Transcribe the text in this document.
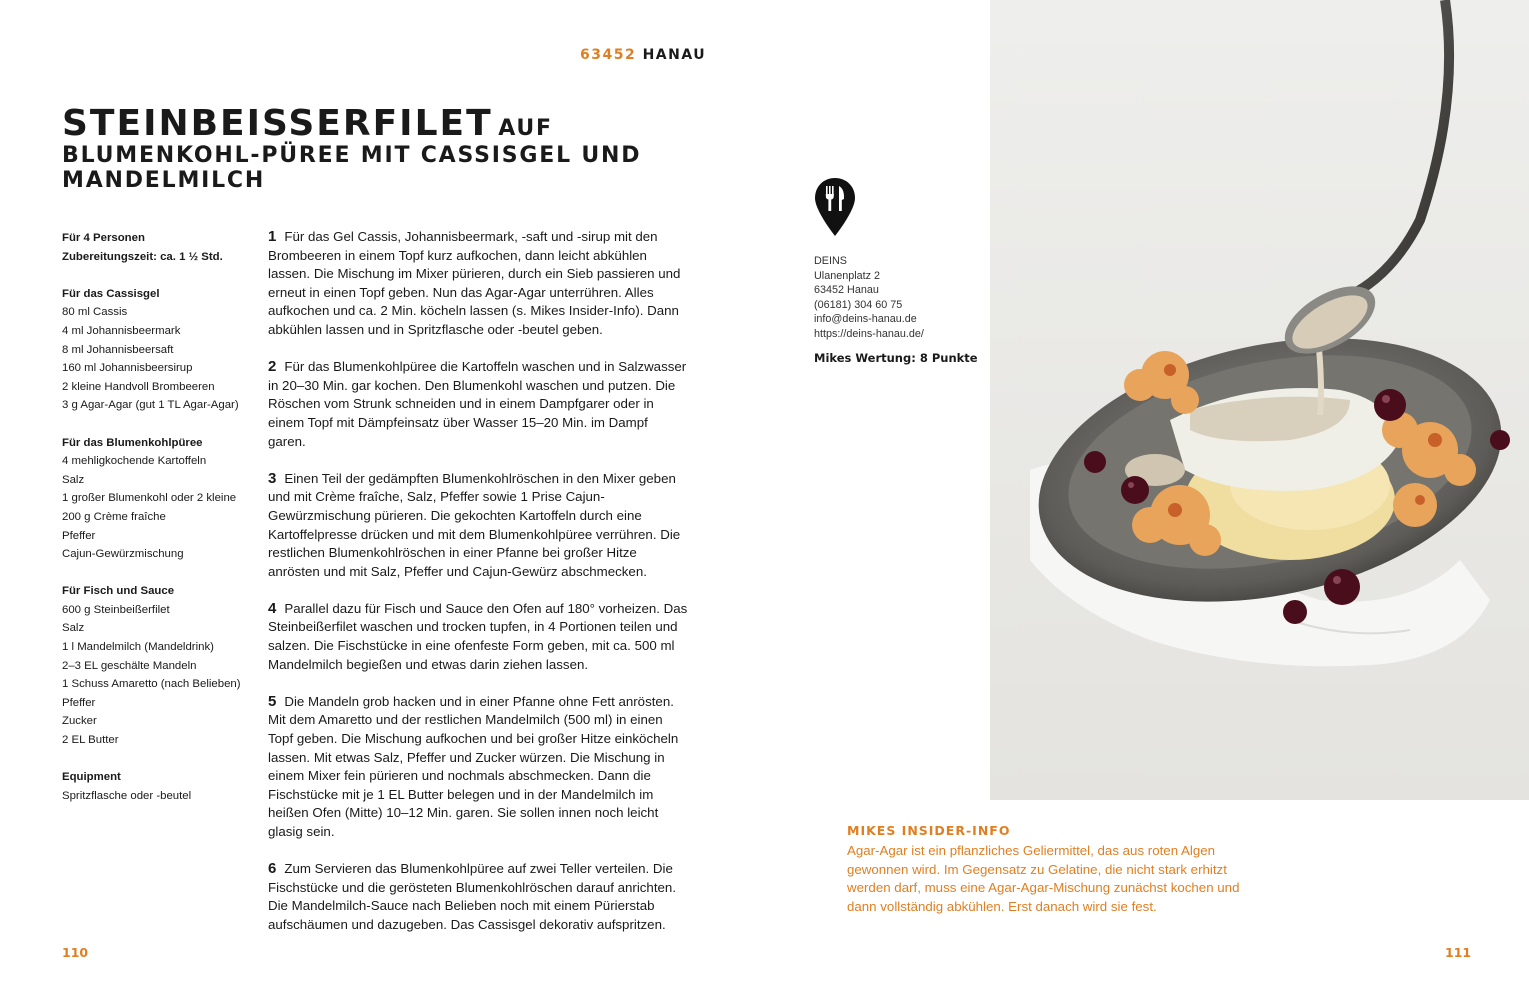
63452 HANAU
STEINBEISSERFILET AUF BLUMENKOHL-PÜREE MIT CASSISGEL UND MANDELMILCH
Für 4 Personen
Zubereitungszeit: ca. 1 ½ Std.
Für das Cassisgel
80 ml Cassis
4 ml Johannisbeermark
8 ml Johannisbeersaft
160 ml Johannisbeersirup
2 kleine Handvoll Brombeeren
3 g Agar-Agar (gut 1 TL Agar-Agar)
Für das Blumenkohlpüree
4 mehligkochende Kartoffeln
Salz
1 großer Blumenkohl oder 2 kleine
200 g Crème fraîche
Pfeffer
Cajun-Gewürzmischung
Für Fisch und Sauce
600 g Steinbeißerfilet
Salz
1 l Mandelmilch (Mandeldrink)
2–3 EL geschälte Mandeln
1 Schuss Amaretto (nach Belieben)
Pfeffer
Zucker
2 EL Butter
Equipment
Spritzflasche oder -beutel
1 Für das Gel Cassis, Johannisbeermark, -saft und -sirup mit den Brombeeren in einem Topf kurz aufkochen, dann leicht abkühlen lassen. Die Mischung im Mixer pürieren, durch ein Sieb passieren und erneut in einen Topf geben. Nun das Agar-Agar unterrühren. Alles aufkochen und ca. 2 Min. köcheln lassen (s. Mikes Insider-Info). Dann abkühlen lassen und in Spritzflasche oder -beutel geben.
2 Für das Blumenkohlpüree die Kartoffeln waschen und in Salzwasser in 20–30 Min. gar kochen. Den Blumenkohl waschen und putzen. Die Röschen vom Strunk schneiden und in einem Dampfgarer oder in einem Topf mit Dämpfeinsatz über Wasser 15–20 Min. im Dampf garen.
3 Einen Teil der gedämpften Blumenkohlröschen in den Mixer geben und mit Crème fraîche, Salz, Pfeffer sowie 1 Prise Cajun-Gewürzmischung pürieren. Die gekochten Kartoffeln durch eine Kartoffelpresse drücken und mit dem Blumenkohlpüree verrühren. Die restlichen Blumenkohlröschen in einer Pfanne bei großer Hitze anrösten und mit Salz, Pfeffer und Cajun-Gewürz abschmecken.
4 Parallel dazu für Fisch und Sauce den Ofen auf 180° vorheizen. Das Steinbeißerfilet waschen und trocken tupfen, in 4 Portionen teilen und salzen. Die Fischstücke in eine ofenfeste Form geben, mit ca. 500 ml Mandelmilch begießen und etwas darin ziehen lassen.
5 Die Mandeln grob hacken und in einer Pfanne ohne Fett anrösten. Mit dem Amaretto und der restlichen Mandelmilch (500 ml) in einen Topf geben. Die Mischung aufkochen und bei großer Hitze einköcheln lassen. Mit etwas Salz, Pfeffer und Zucker würzen. Die Mischung in einem Mixer fein pürieren und nochmals abschmecken. Dann die Fischstücke mit je 1 EL Butter belegen und in der Mandelmilch im heißen Ofen (Mitte) 10–12 Min. garen. Sie sollen innen noch leicht glasig sein.
6 Zum Servieren das Blumenkohlpüree auf zwei Teller verteilen. Die Fischstücke und die gerösteten Blumenkohlröschen darauf anrichten. Die Mandelmilch-Sauce nach Belieben noch mit einem Pürierstab aufschäumen und dazugeben. Das Cassisgel dekorativ aufspritzen.
DEINS
Ulanenplatz 2
63452 Hanau
(06181) 304 60 75
info@deins-hanau.de
https://deins-hanau.de/
Mikes Wertung: 8 Punkte
MIKES INSIDER-INFO
Agar-Agar ist ein pflanzliches Geliermittel, das aus roten Algen gewonnen wird. Im Gegensatz zu Gelatine, die nicht stark erhitzt werden darf, muss eine Agar-Agar-Mischung zunächst kochen und dann vollständig abkühlen. Erst danach wird sie fest.
110	111
